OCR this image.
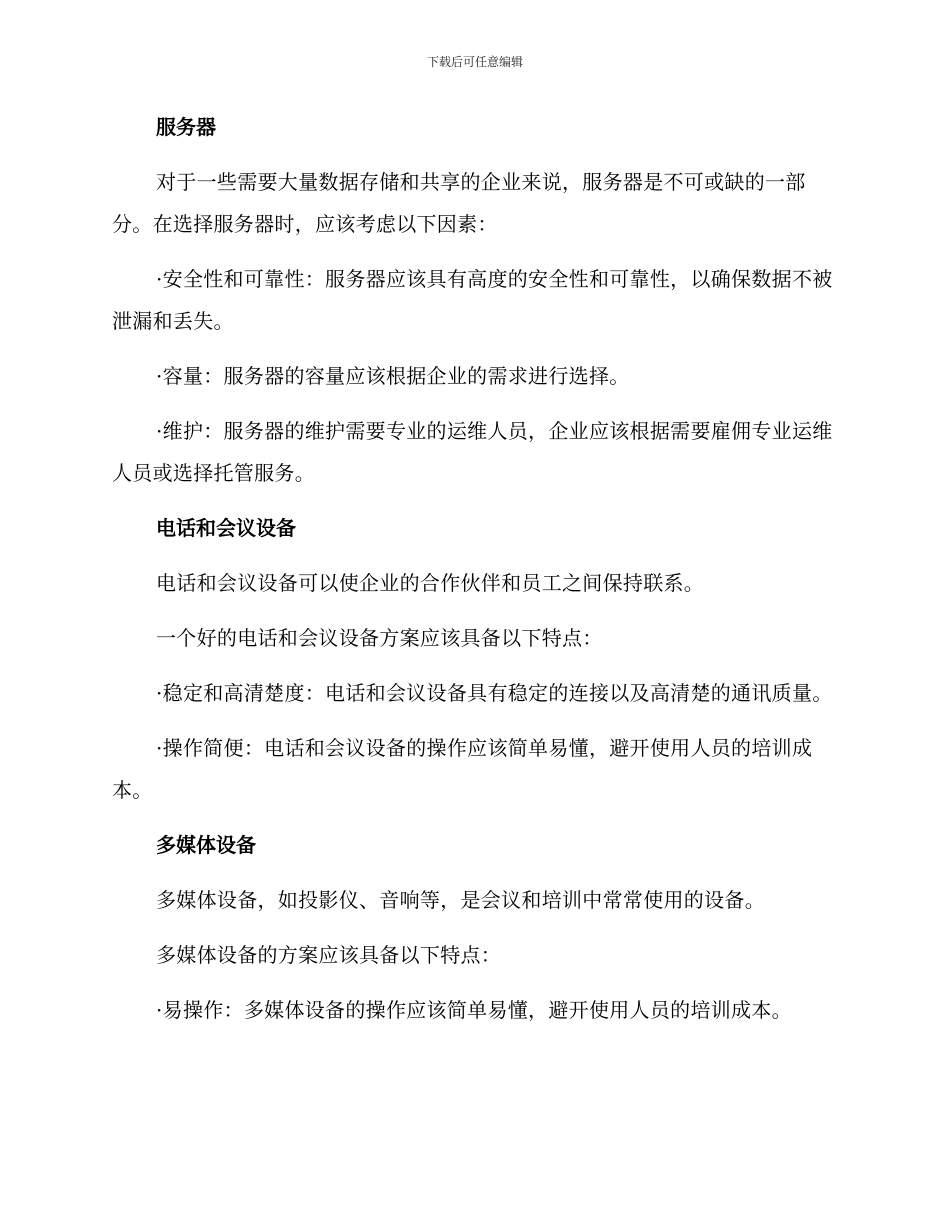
下载后可任意编辑
服务器

对于一些需要大量数据存储和共享的企业来说，服务器是不可或缺的一部分。在选择服务器时，应该考虑以下因素：

·安全性和可靠性：服务器应该具有高度的安全性和可靠性，以确保数据不被泄漏和丢失。

·容量：服务器的容量应该根据企业的需求进行选择。

·维护：服务器的维护需要专业的运维人员，企业应该根据需要雇佣专业运维人员或选择托管服务。

电话和会议设备

电话和会议设备可以使企业的合作伙伴和员工之间保持联系。

一个好的电话和会议设备方案应该具备以下特点：

·稳定和高清楚度：电话和会议设备具有稳定的连接以及高清楚的通讯质量。

·操作简便：电话和会议设备的操作应该简单易懂，避开使用人员的培训成本。

多媒体设备

多媒体设备，如投影仪、音响等，是会议和培训中常常使用的设备。

多媒体设备的方案应该具备以下特点：

·易操作：多媒体设备的操作应该简单易懂，避开使用人员的培训成本。
